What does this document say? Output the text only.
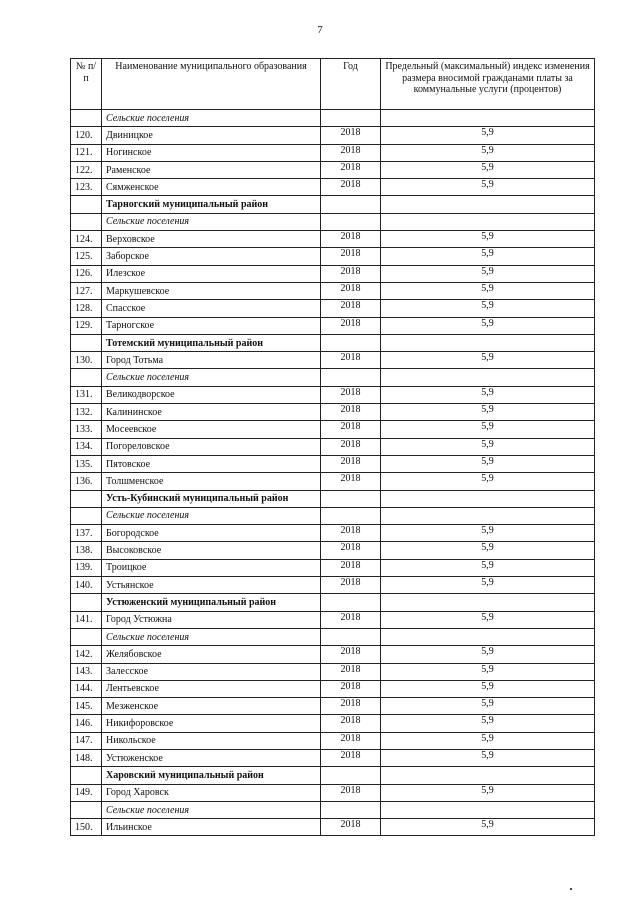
7
№ п/п	Наименование муниципального образования	Год	Предельный (максимальный) индекс изменения размера вносимой гражданами платы за коммунальные услуги (процентов)
	Сельские поселения		
120.	Двиницкое	2018	5,9
121.	Ногинское	2018	5,9
122.	Раменское	2018	5,9
123.	Сямженское	2018	5,9
	Тарногский муниципальный район		
	Сельские поселения		
124.	Верховское	2018	5,9
125.	Заборское	2018	5,9
126.	Илезское	2018	5,9
127.	Маркушевское	2018	5,9
128.	Спасское	2018	5,9
129.	Тарногское	2018	5,9
	Тотемский муниципальный район		
130.	Город Тотьма	2018	5,9
	Сельские поселения		
131.	Великодворское	2018	5,9
132.	Калининское	2018	5,9
133.	Мосеевское	2018	5,9
134.	Погореловское	2018	5,9
135.	Пятовское	2018	5,9
136.	Толшменское	2018	5,9
	Усть-Кубинский муниципальный район		
	Сельские поселения		
137.	Богородское	2018	5,9
138.	Высоковское	2018	5,9
139.	Троицкое	2018	5,9
140.	Устьянское	2018	5,9
	Устюженский муниципальный район		
141.	Город Устюжна	2018	5,9
	Сельские поселения		
142.	Желябовское	2018	5,9
143.	Залесское	2018	5,9
144.	Лентьевское	2018	5,9
145.	Мезженское	2018	5,9
146.	Никифоровское	2018	5,9
147.	Никольское	2018	5,9
148.	Устюженское	2018	5,9
	Харовский муниципальный район		
149.	Город Харовск	2018	5,9
	Сельские поселения		
150.	Ильинское	2018	5,9
